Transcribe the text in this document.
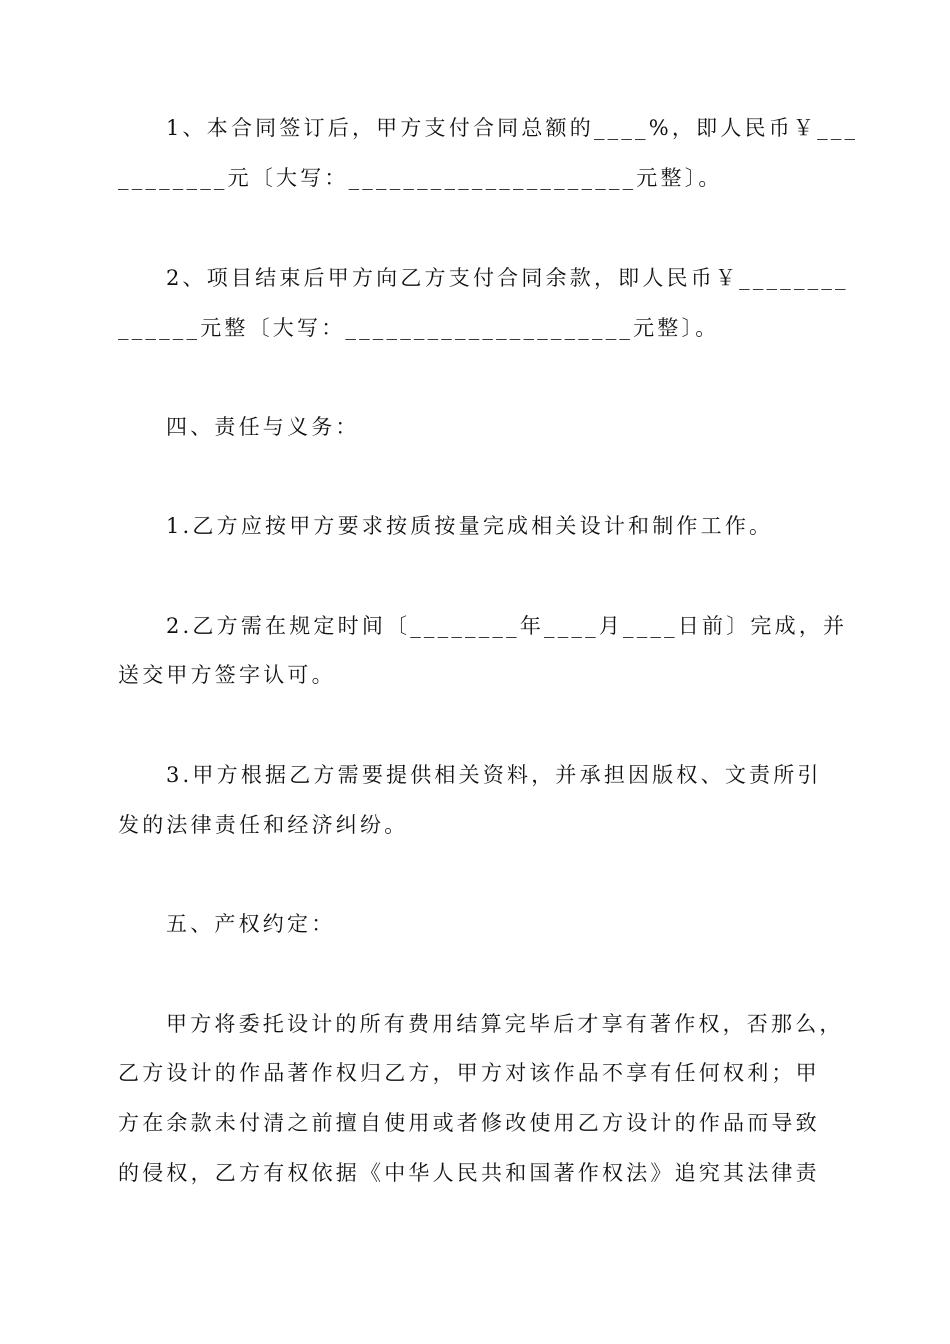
1、本合同签订后，甲方支付合同总额的____%，即人民币￥___
________元〔大写：_____________________元整〕。
2、项目结束后甲方向乙方支付合同余款，即人民币￥________
______元整〔大写：_____________________元整〕。
四、责任与义务：
1.乙方应按甲方要求按质按量完成相关设计和制作工作。
2.乙方需在规定时间〔________年____月____日前〕完成，并
送交甲方签字认可。
3.甲方根据乙方需要提供相关资料，并承担因版权、文责所引
发的法律责任和经济纠纷。
五、产权约定：
甲方将委托设计的所有费用结算完毕后才享有著作权，否那么，
乙方设计的作品著作权归乙方，甲方对该作品不享有任何权利；甲
方在余款未付清之前擅自使用或者修改使用乙方设计的作品而导致
的侵权，乙方有权依据《中华人民共和国著作权法》追究其法律责
